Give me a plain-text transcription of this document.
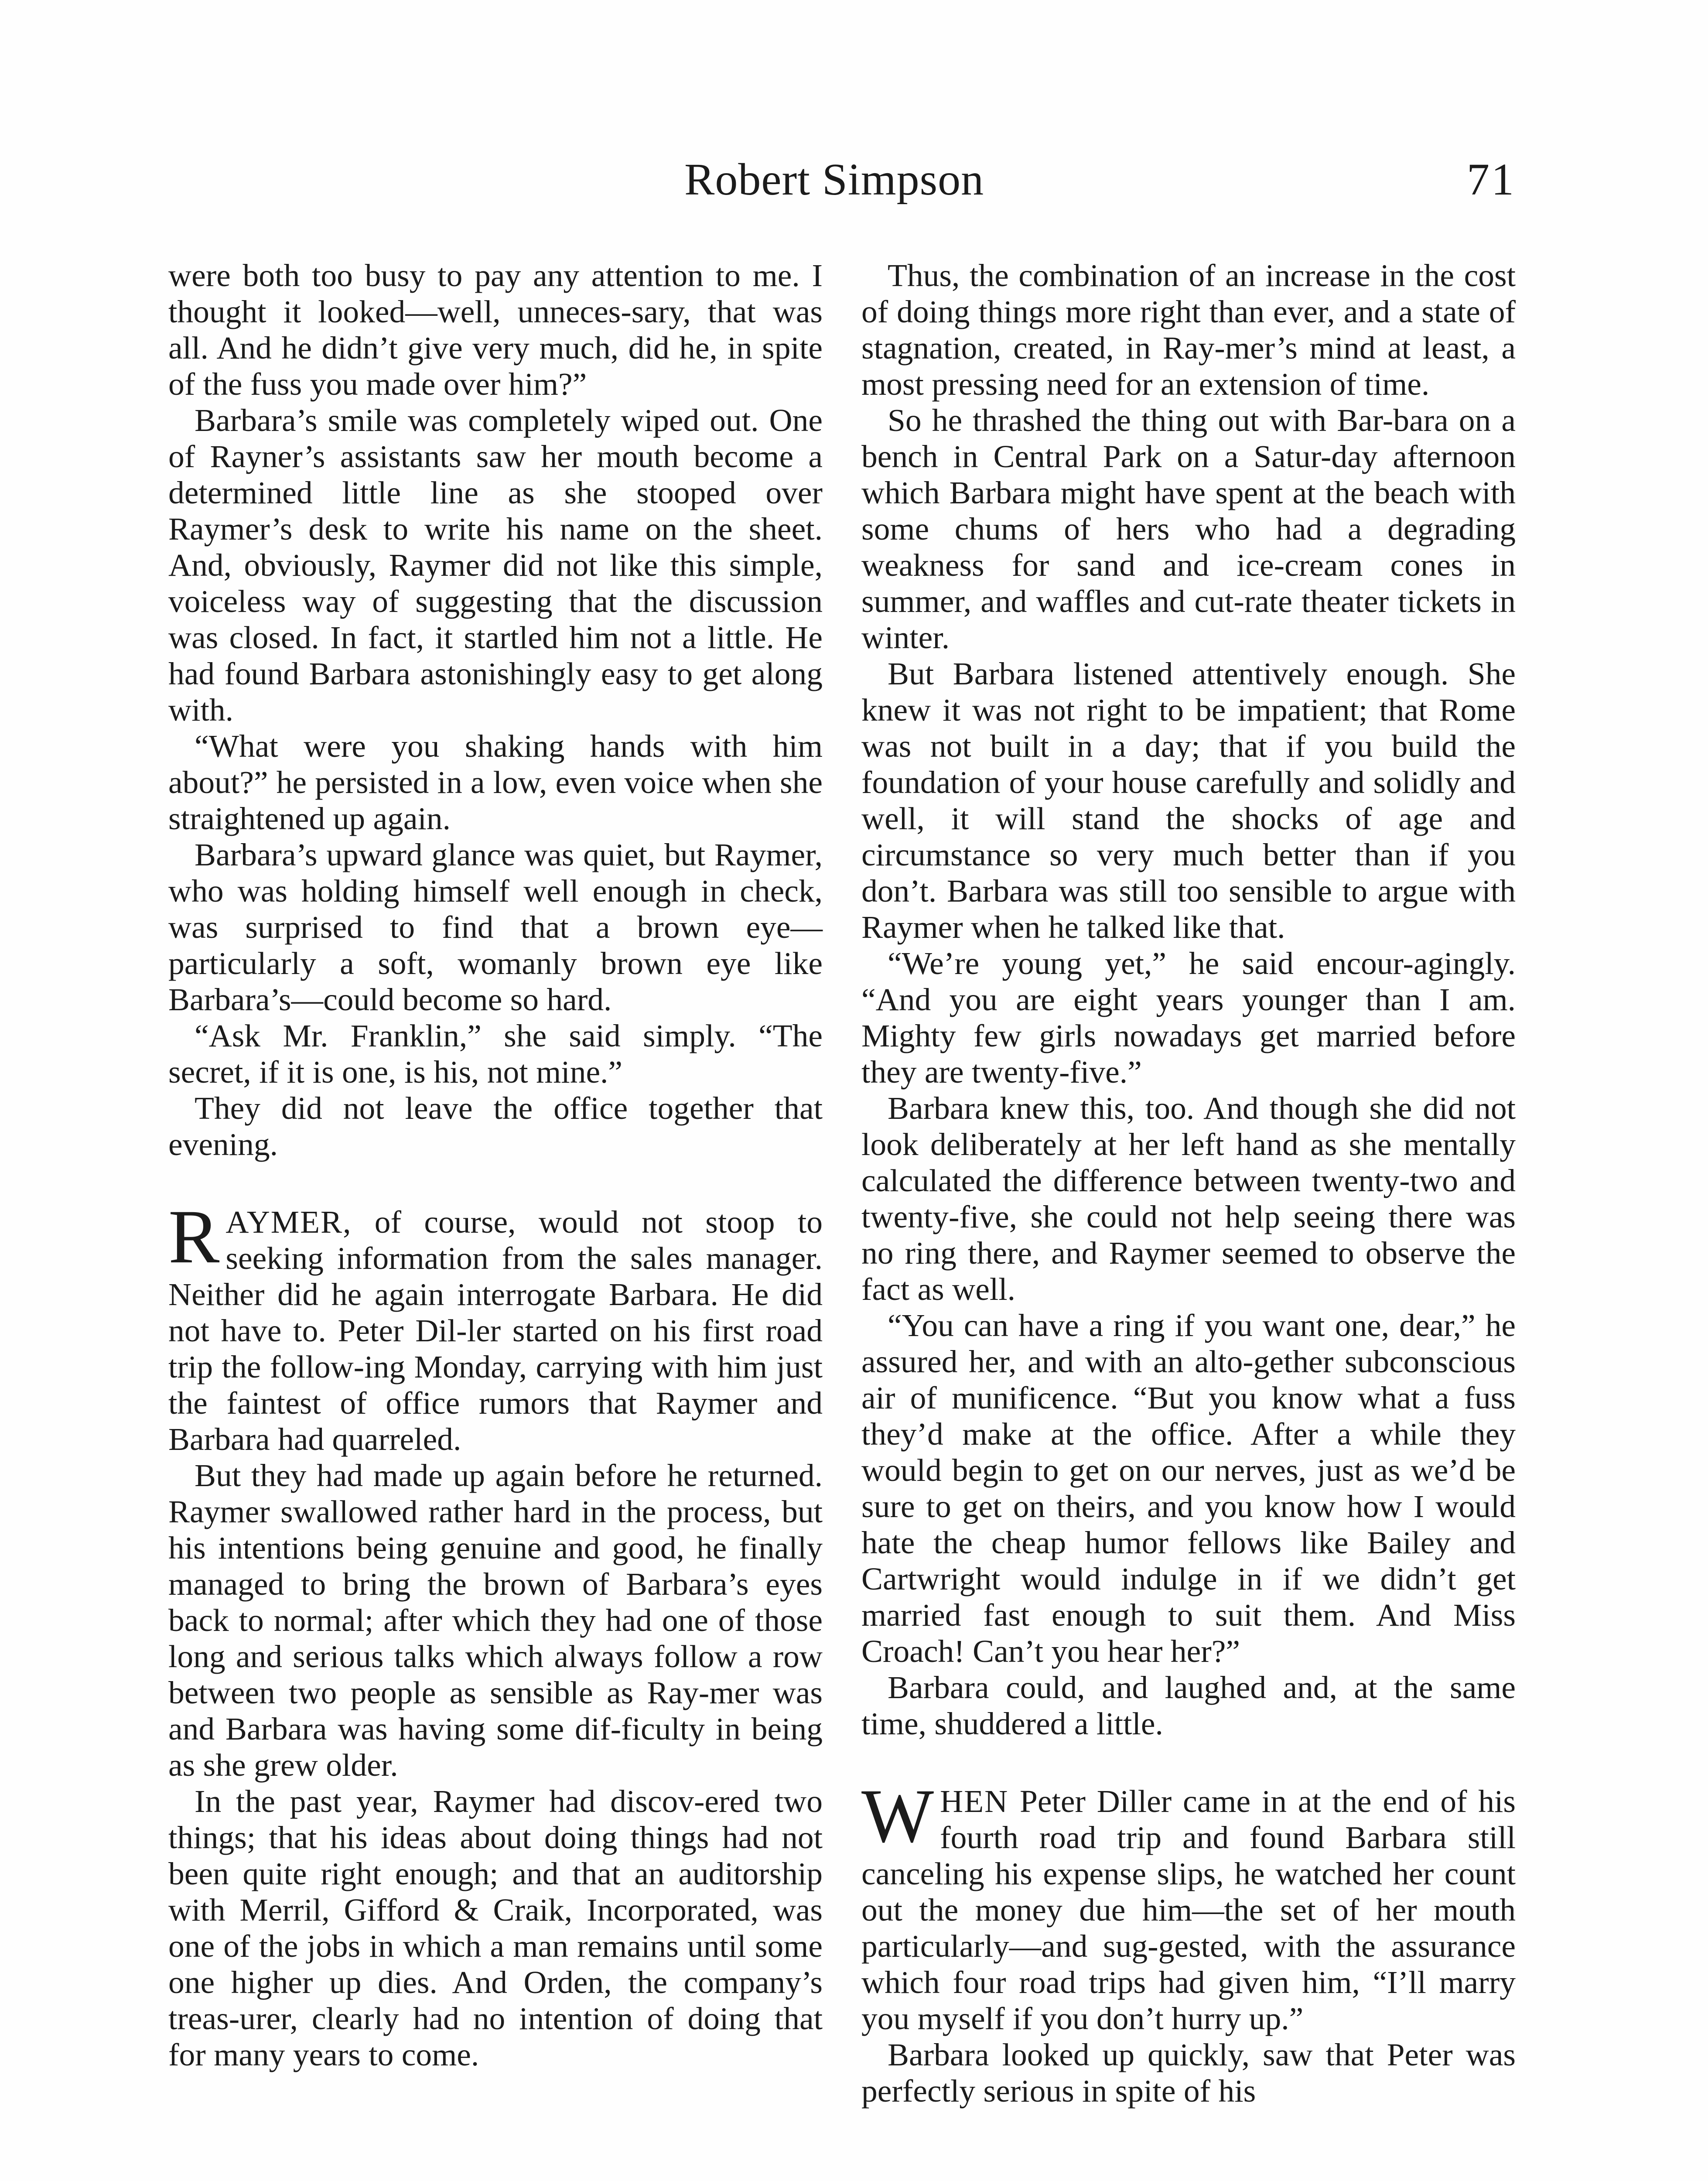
Robert Simpson	71

were both too busy to pay any attention to me. I thought it looked—well, unneces-sary, that was all. And he didn’t give very much, did he, in spite of the fuss you made over him?”

Barbara’s smile was completely wiped out. One of Rayner’s assistants saw her mouth become a determined little line as she stooped over Raymer’s desk to write his name on the sheet. And, obviously, Raymer did not like this simple, voiceless way of suggesting that the discussion was closed. In fact, it startled him not a little. He had found Barbara astonishingly easy to get along with.

“What were you shaking hands with him about?” he persisted in a low, even voice when she straightened up again.

Barbara’s upward glance was quiet, but Raymer, who was holding himself well enough in check, was surprised to find that a brown eye—particularly a soft, womanly brown eye like Barbara’s—could become so hard.

“Ask Mr. Franklin,” she said simply. “The secret, if it is one, is his, not mine.”

They did not leave the office together that evening.

RAYMER, of course, would not stoop to seeking information from the sales manager. Neither did he again interrogate Barbara. He did not have to. Peter Dil-ler started on his first road trip the follow-ing Monday, carrying with him just the faintest of office rumors that Raymer and Barbara had quarreled.

But they had made up again before he returned. Raymer swallowed rather hard in the process, but his intentions being genuine and good, he finally managed to bring the brown of Barbara’s eyes back to normal; after which they had one of those long and serious talks which always follow a row between two people as sensible as Ray-mer was and Barbara was having some dif-ficulty in being as she grew older.

In the past year, Raymer had discov-ered two things; that his ideas about doing things had not been quite right enough; and that an auditorship with Merril, Gifford & Craik, Incorporated, was one of the jobs in which a man remains until some one higher up dies. And Orden, the company’s treas-urer, clearly had no intention of doing that for many years to come.

Thus, the combination of an increase in the cost of doing things more right than ever, and a state of stagnation, created, in Ray-mer’s mind at least, a most pressing need for an extension of time.

So he thrashed the thing out with Bar-bara on a bench in Central Park on a Satur-day afternoon which Barbara might have spent at the beach with some chums of hers who had a degrading weakness for sand and ice-cream cones in summer, and waffles and cut-rate theater tickets in winter.

But Barbara listened attentively enough. She knew it was not right to be impatient; that Rome was not built in a day; that if you build the foundation of your house carefully and solidly and well, it will stand the shocks of age and circumstance so very much better than if you don’t. Barbara was still too sensible to argue with Raymer when he talked like that.

“We’re young yet,” he said encour-agingly. “And you are eight years younger than I am. Mighty few girls nowadays get married before they are twenty-five.”

Barbara knew this, too. And though she did not look deliberately at her left hand as she mentally calculated the difference between twenty-two and twenty-five, she could not help seeing there was no ring there, and Raymer seemed to observe the fact as well.

“You can have a ring if you want one, dear,” he assured her, and with an alto-gether subconscious air of munificence. “But you know what a fuss they’d make at the office. After a while they would begin to get on our nerves, just as we’d be sure to get on theirs, and you know how I would hate the cheap humor fellows like Bailey and Cartwright would indulge in if we didn’t get married fast enough to suit them. And Miss Croach! Can’t you hear her?”

Barbara could, and laughed and, at the same time, shuddered a little.

WHEN Peter Diller came in at the end of his fourth road trip and found Barbara still canceling his expense slips, he watched her count out the money due him—the set of her mouth particularly—and sug-gested, with the assurance which four road trips had given him, “I’ll marry you myself if you don’t hurry up.”

Barbara looked up quickly, saw that Peter was perfectly serious in spite of his
